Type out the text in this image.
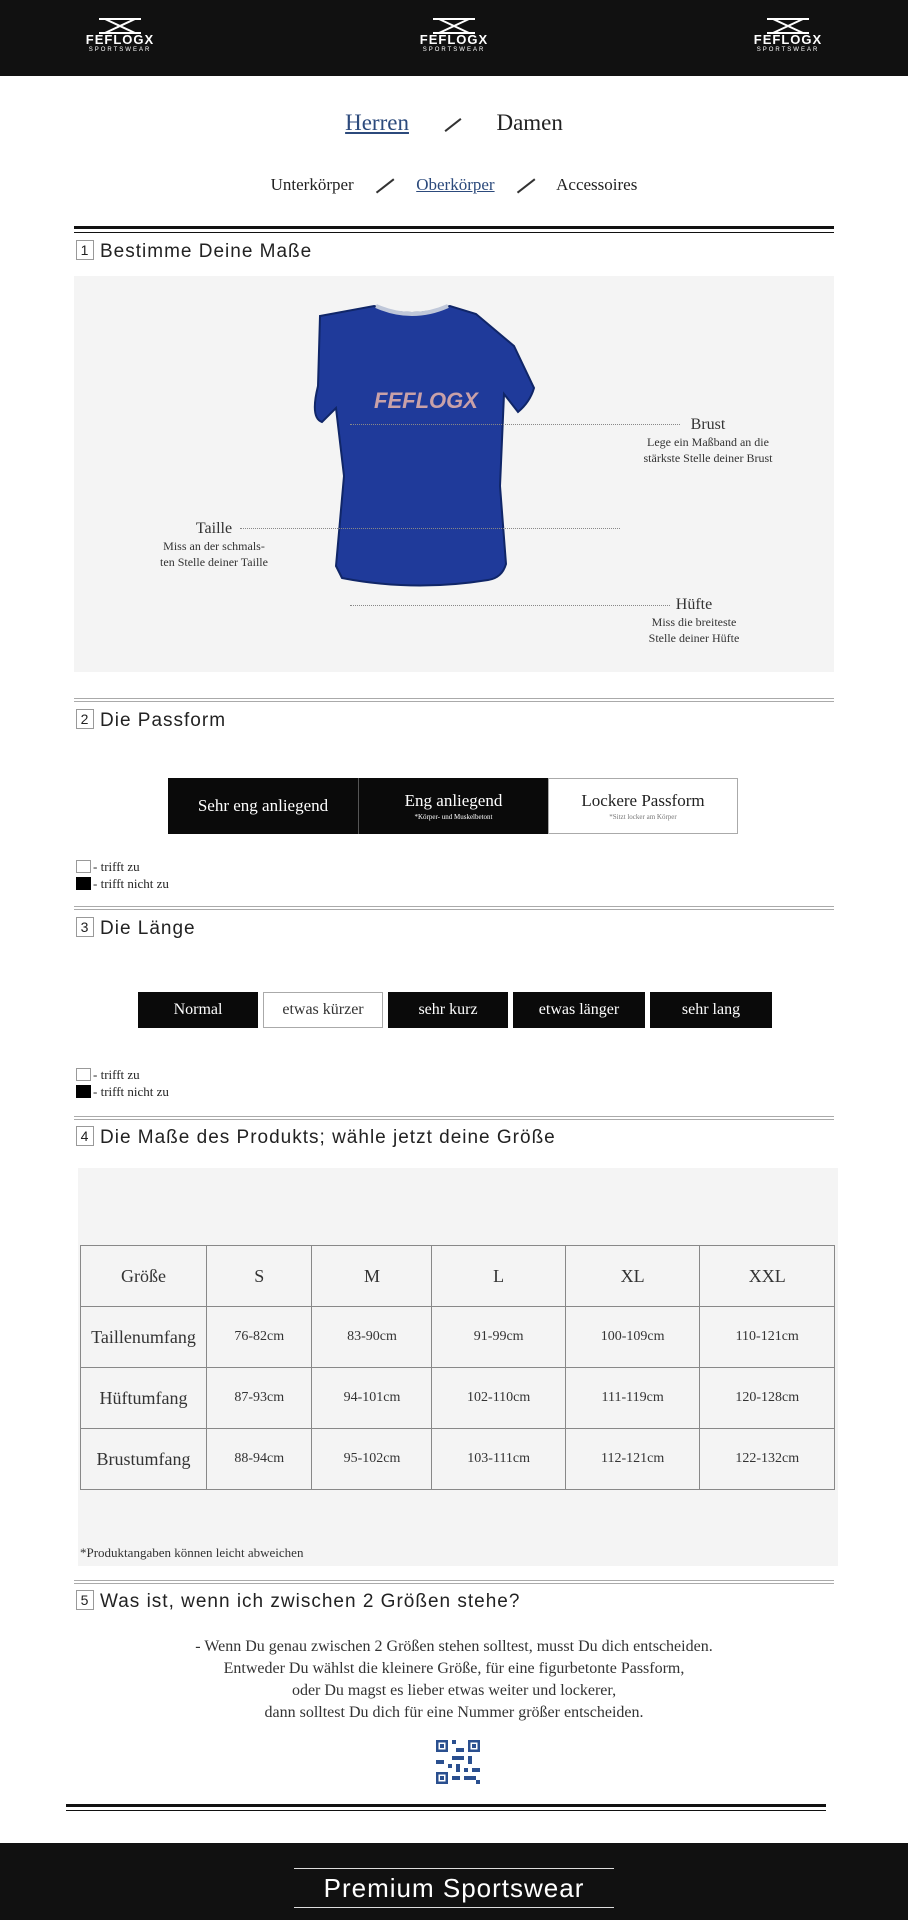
FEFLOGX
SPORTSWEAR
FEFLOGX
SPORTSWEAR
FEFLOGX
SPORTSWEAR
Herren	Damen
Unterkörper	Oberkörper	Accessoires
1 Bestimme Deine Maße
FEFLOGX
Brust
Lege ein Maßband an die
stärkste Stelle deiner Brust
Taille
Miss an der schmals-
ten Stelle deiner Taille
Hüfte
Miss die breiteste
Stelle deiner Hüfte
2 Die Passform
Sehr eng anliegend	Eng anliegend
*Körper- und Muskelbetont
Lockere Passform
*Sitzt locker am Körper
- trifft zu
- trifft nicht zu
3 Die Länge
Normal	etwas kürzer	sehr kurz	etwas länger	sehr lang
- trifft zu
- trifft nicht zu
4 Die Maße des Produkts; wähle jetzt deine Größe
Größe	S	M	L	XL	XXL
Taillenumfang	76-82cm	83-90cm	91-99cm	100-109cm	110-121cm
Hüftumfang	87-93cm	94-101cm	102-110cm	111-119cm	120-128cm
Brustumfang	88-94cm	95-102cm	103-111cm	112-121cm	122-132cm
*Produktangaben können leicht abweichen
5 Was ist, wenn ich zwischen 2 Größen stehe?
- Wenn Du genau zwischen 2 Größen stehen solltest, musst Du dich entscheiden.
Entweder Du wählst die kleinere Größe, für eine figurbetonte Passform,
oder Du magst es lieber etwas weiter und lockerer,
dann solltest Du dich für eine Nummer größer entscheiden.
Premium Sportswear
